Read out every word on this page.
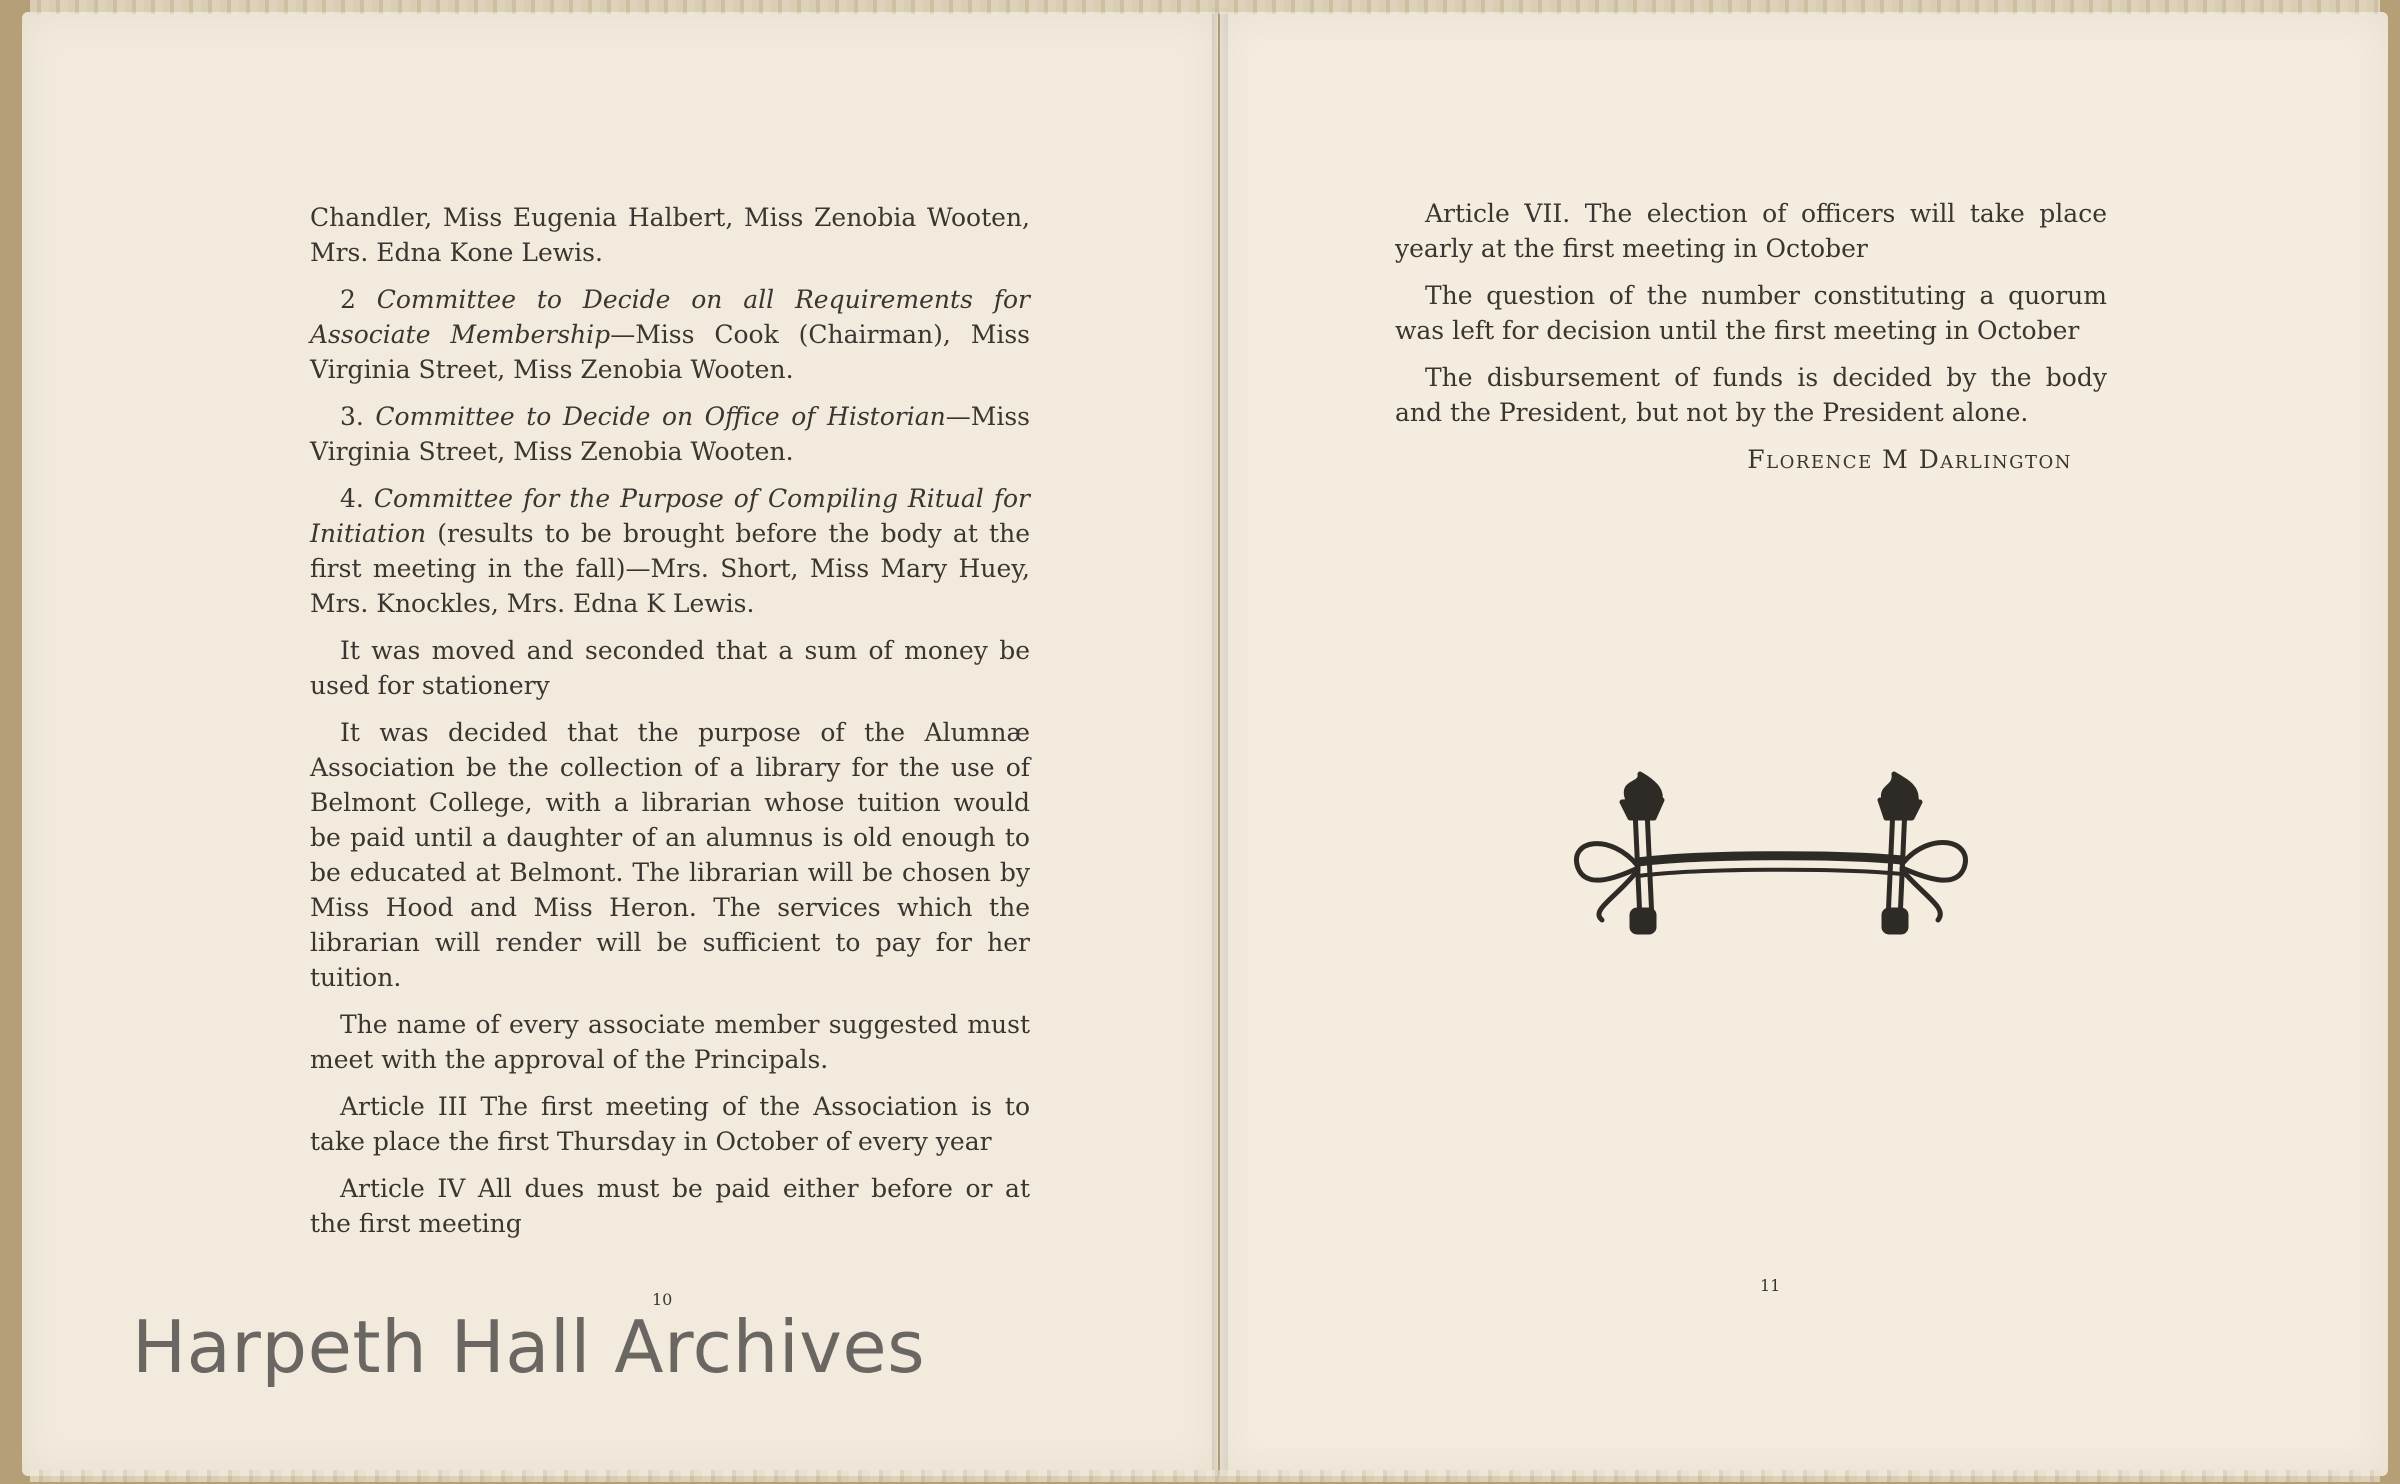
Chandler, Miss Eugenia Halbert, Miss Zenobia Wooten, Mrs. Edna Kone Lewis.

2 Committee to Decide on all Requirements for Associate Membership—Miss Cook (Chairman), Miss Virginia Street, Miss Zenobia Wooten.

3. Committee to Decide on Office of Historian—Miss Virginia Street, Miss Zenobia Wooten.

4. Committee for the Purpose of Compiling Ritual for Initiation (results to be brought before the body at the first meeting in the fall)—Mrs. Short, Miss Mary Huey, Mrs. Knockles, Mrs. Edna K Lewis.

It was moved and seconded that a sum of money be used for stationery

It was decided that the purpose of the Alumnæ Association be the collection of a library for the use of Belmont College, with a librarian whose tuition would be paid until a daughter of an alumnus is old enough to be educated at Belmont. The librarian will be chosen by Miss Hood and Miss Heron. The services which the librarian will render will be sufficient to pay for her tuition.

The name of every associate member suggested must meet with the approval of the Principals.

Article III The first meeting of the Association is to take place the first Thursday in October of every year

Article IV All dues must be paid either before or at the first meeting

10

Article VII. The election of officers will take place yearly at the first meeting in October

The question of the number constituting a quorum was left for decision until the first meeting in October

The disbursement of funds is decided by the body and the President, but not by the President alone.

Florence M Darlington
11
Harpeth Hall Archives
